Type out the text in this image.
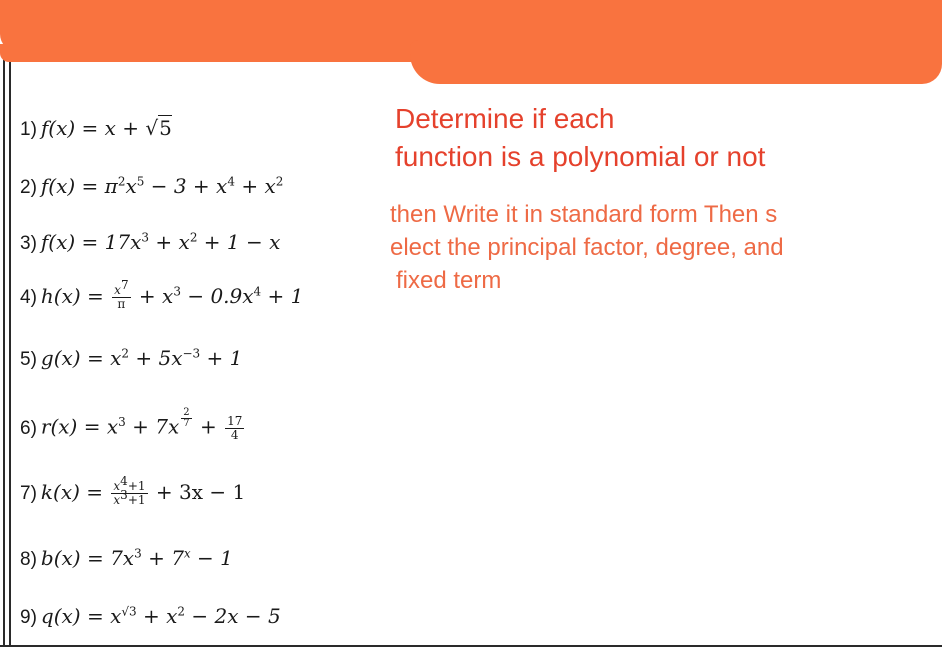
1) f(x) = x + √5
2) $f(x) = \pi^2x^5 - 3 + x^4 + x^2$
3) $f(x) = 17x^3 + x^2 + 1 - x$
4) $h(x) = \frac{x7}{\pi} + x^3 - 0.9x^4 + 1$
5) $g(x) = x^2 + 5x^{-3} + 1$
6) $r(x) = x^3 + 7x \frac{2}{7} + \frac{17}{4}$
7) $k(x) = \frac{x4+1}{x3+1} + 3x - 1$
8) $b(x) = 7x^3 + 7^x - 1$
9) $q(x) = x^{√3} + x^2 - 2x - 5$
Determine if each
function is a polynomial or not
then Write it in standard form Then s
elect the principal factor, degree, and
fixed term
